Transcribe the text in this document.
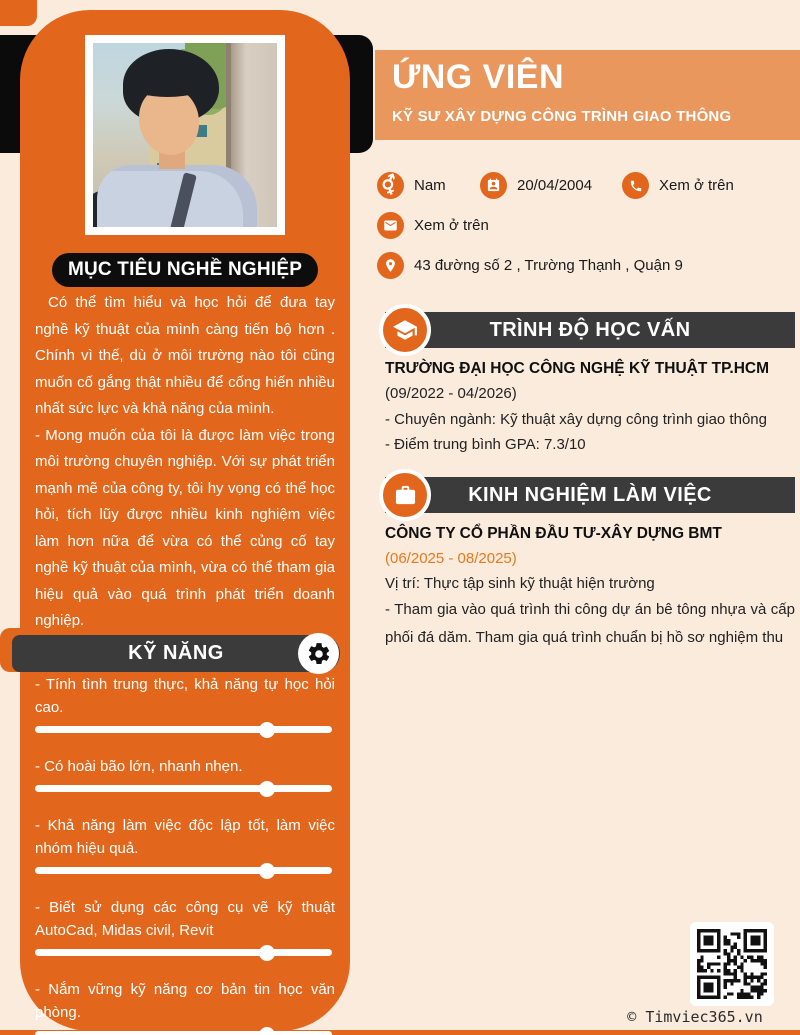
MỤC TIÊU NGHỀ NGHIỆP

Có thể tìm hiểu và học hỏi để đưa tay nghề kỹ thuật của mình càng tiến bộ hơn . Chính vì thế, dù ở môi trường nào tôi cũng muốn cố gắng thật nhiều để cống hiến nhiều nhất sức lực và khả năng của mình.

- Mong muốn của tôi là được làm việc trong môi trường chuyên nghiệp. Với sự phát triển mạnh mẽ của công ty, tôi hy vọng có thể học hỏi, tích lũy được nhiều kinh nghiệm việc làm hơn nữa để vừa có thể củng cố tay nghề kỹ thuật của mình, vừa có thể tham gia hiệu quả vào quá trình phát triển doanh nghiệp.

- Tính tình trung thực, khả năng tự học hỏi cao.
- Có hoài bão lớn, nhanh nhẹn.
- Khả năng làm việc độc lập tốt, làm việc nhóm hiệu quả.
- Biết sử dụng các công cụ vẽ kỹ thuật AutoCad, Midas civil, Revit
- Nắm vững kỹ năng cơ bản tin học văn phòng.
KỸ NĂNG
ỨNG VIÊN
KỸ SƯ XÂY DỰNG CÔNG TRÌNH GIAO THÔNG
⚥ Nam	20/04/2004	Xem ở trên
Xem ở trên
43 đường số 2 , Trường Thạnh , Quận 9
TRÌNH ĐỘ HỌC VẤN
TRƯỜNG ĐẠI HỌC CÔNG NGHỆ KỸ THUẬT TP.HCM
(09/2022 - 04/2026)
- Chuyên ngành: Kỹ thuật xây dựng công trình giao thông
- Điểm trung bình GPA: 7.3/10
KINH NGHIỆM LÀM VIỆC
CÔNG TY CỔ PHẦN ĐẦU TƯ-XÂY DỰNG BMT
(06/2025 - 08/2025)
Vị trí: Thực tập sinh kỹ thuật hiện trường
- Tham gia vào quá trình thi công dự án bê tông nhựa và cấp phối đá dăm. Tham gia quá trình chuẩn bị hồ sơ nghiệm thu
© Timviec365.vn
